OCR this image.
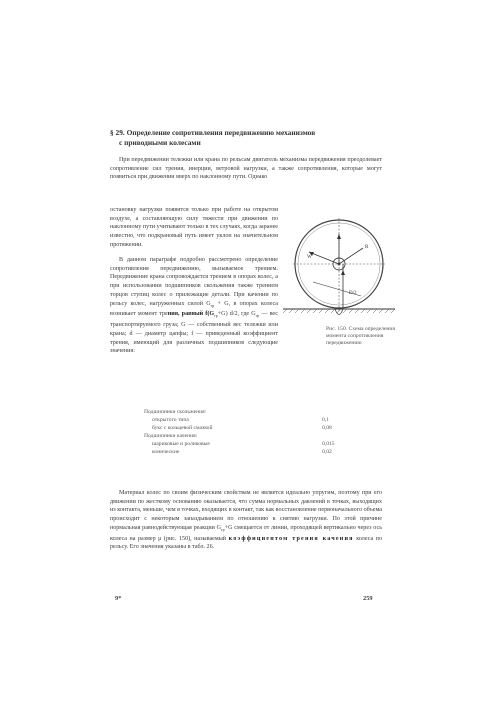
§ 29. Определение сопротивления передвижению механизмов
с приводными колесами

При передвижении тележки или крана по рельсам двигатель механизма передвижения преодолевает сопротивление сил трения, инерции, ветровой нагрузки, а также сопротивления, которые могут появиться при движении вверх по наклонному пути. Однако

остановку нагрузки появится только при работе на открытом воздухе, а составляющую силу тяжести при движении по наклонному пути учитывают только в тех случаях, когда заранее известно, что подкрановый путь имеет уклон на значительном протяжении.

В данном параграфе подробно рассмотрено определение сопротивления передвижению, вызываемое трением. Передвижение крана сопровождается трением в опорах колес, а при использовании подшипников скольжения также трением торцов ступиц колес о прилежащие детали. При качении по рельсу колес, нагруженных силой $G_{гр} + G$, в опорах колеса возникает момент трения, равный $f(G_{гр}+G)$ d/2, где $G_{гр}$ — вес транспортируемого груза; G — собственный вес тележки или крана; d — диаметр цапфы; f — приведенный коэффициент трения, имеющий для различных подшипников следующие значения:

W
R
D/2
Рис. 150. Схема определения момента сопротивления передвижению
Подшипники скольжения:
открытого типа	0,1
букс с кольцевой смазкой	0,08
Подшипники качения:
шариковые и роликовые	0,015
конические	0,02

Материал колес по своим физическим свойствам не является идеально упругим, поэтому при его движении по жесткому основанию оказывается, что сумма нормальных давлений в точках, выходящих из контакта, меньше, чем в точках, входящих в контакт, так как восстановление первоначального объема происходит с некоторым запаздыванием по отношению к снятию нагрузки. По этой причине нормальная равнодействующая реакции $G_{гр}+G$ смещается от линии, проходящей вертикально через ось колеса на размер μ (рис. 150), называемый коэффициентом трения качения колеса по рельсу. Его значения указаны в табл. 26.

9*	259
